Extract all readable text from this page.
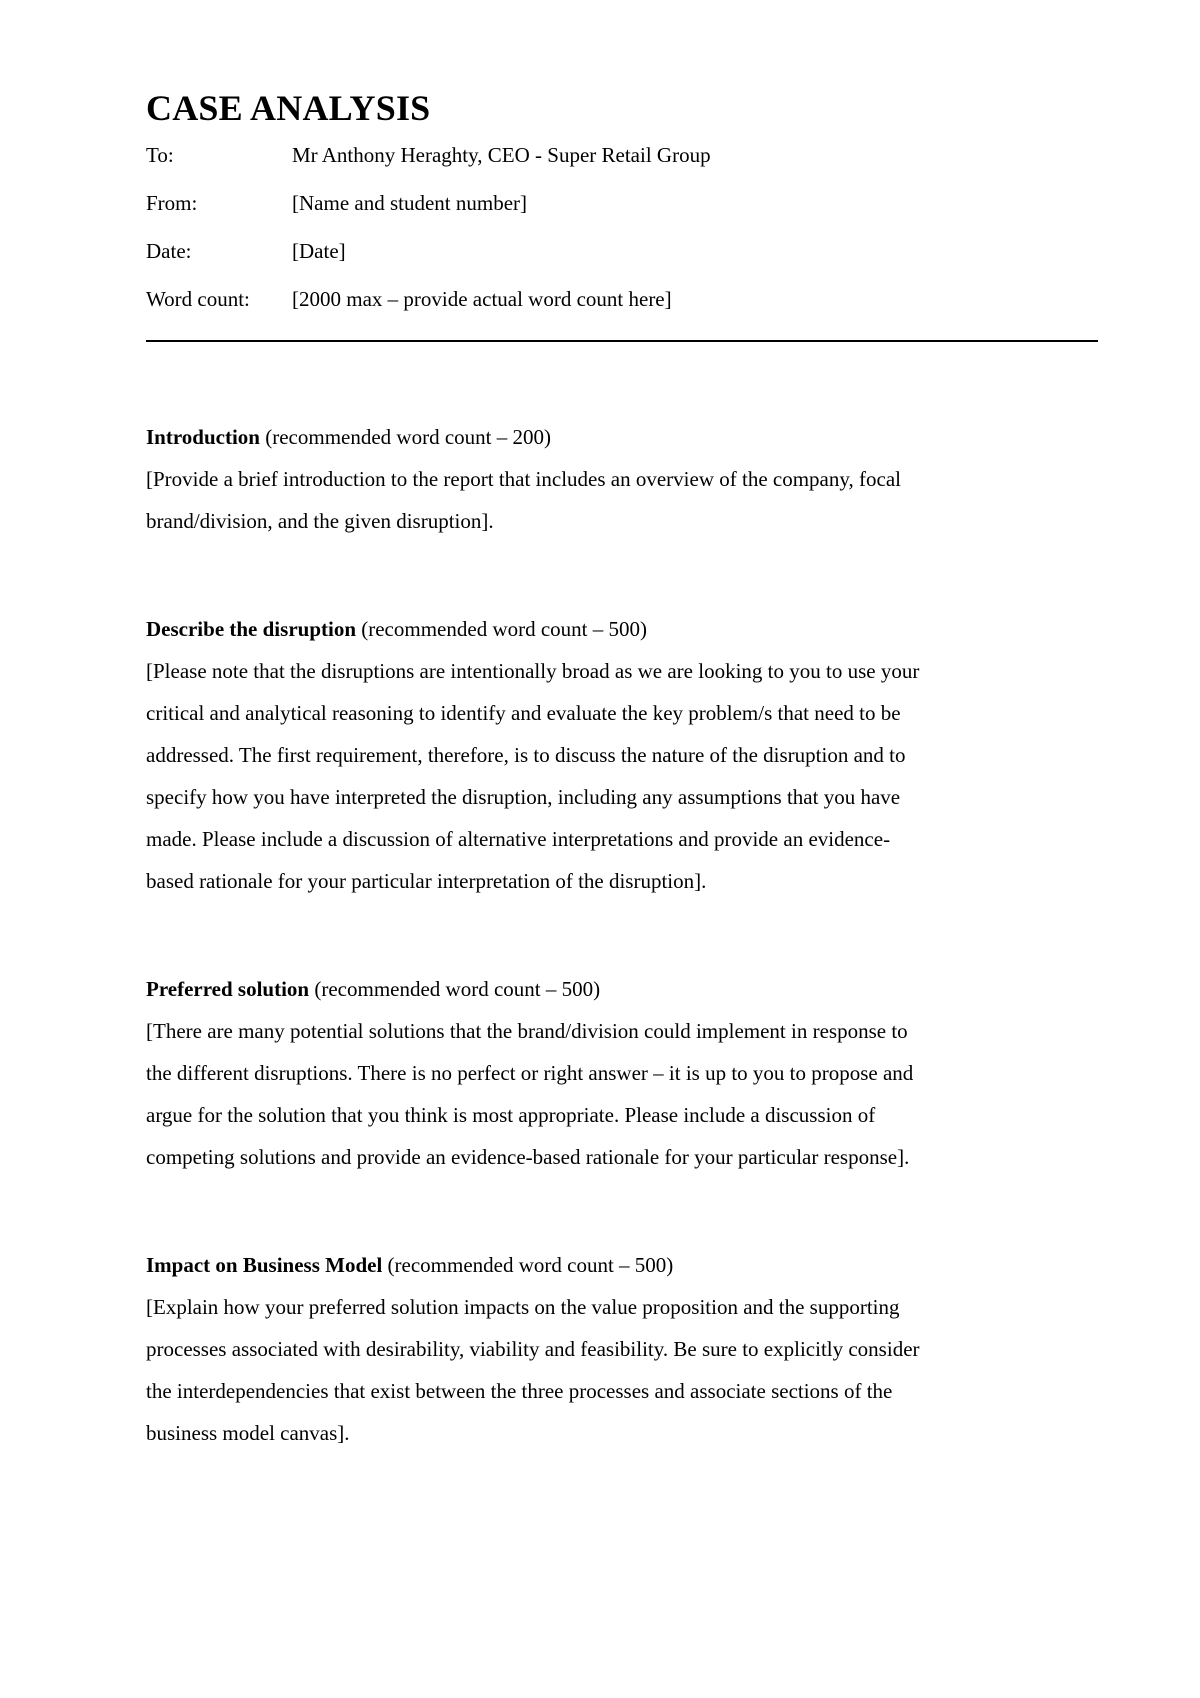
CASE ANALYSIS
To:	Mr Anthony Heraghty, CEO - Super Retail Group
From:	[Name and student number]
Date:	[Date]
Word count: [2000 max – provide actual word count here]

Introduction (recommended word count – 200)

[Provide a brief introduction to the report that includes an overview of the company, focal
brand/division, and the given disruption].

Describe the disruption (recommended word count – 500)

[Please note that the disruptions are intentionally broad as we are looking to you to use your
critical and analytical reasoning to identify and evaluate the key problem/s that need to be
addressed. The first requirement, therefore, is to discuss the nature of the disruption and to
specify how you have interpreted the disruption, including any assumptions that you have
made. Please include a discussion of alternative interpretations and provide an evidence-
based rationale for your particular interpretation of the disruption].

Preferred solution (recommended word count – 500)

[There are many potential solutions that the brand/division could implement in response to
the different disruptions. There is no perfect or right answer – it is up to you to propose and
argue for the solution that you think is most appropriate. Please include a discussion of
competing solutions and provide an evidence-based rationale for your particular response].

Impact on Business Model (recommended word count – 500)

[Explain how your preferred solution impacts on the value proposition and the supporting
processes associated with desirability, viability and feasibility. Be sure to explicitly consider
the interdependencies that exist between the three processes and associate sections of the
business model canvas].
